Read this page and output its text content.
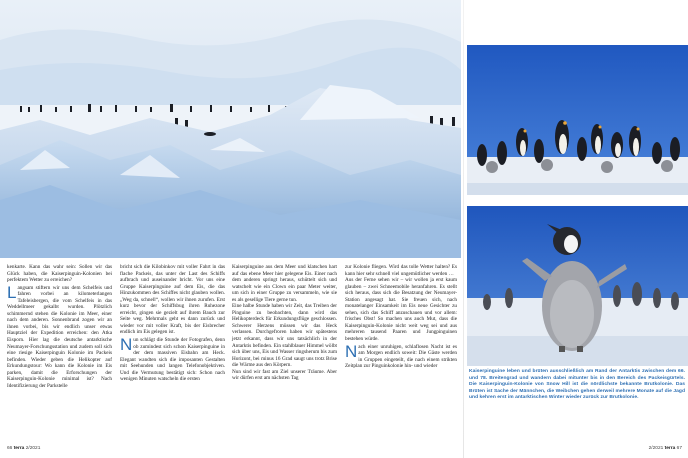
kenkarte. Kann das wahr sein: Sollen wir das Glück haben, die Kaiserpinguin-Kolonien bei perfektem Wetter zu erreichen?

Langsam stiftern wir uns dem Schelfeis und fahren vorbei an kilometerlangen Tafeleisbergen, die vom Schelfeis in das Weddellmeer gekalbt wurden. Plötzlich schimmernd stehen die Kolonie im Meer, einer nach dem anderen. Sonnenbrand zogen wir an ihnen vorbei, bis wir endlich unser etwas Hauptziel der Expedition erreichen: den Atka Eisporn. Hier lag die deutsche antarktische Neumayer-Forschungsstation und zudem soll sich eine riesige Kaiserpinguin Kolonie im Packeis befinden. Wieder geben die Helikopter auf Erkundungstour: Wo kann die Kolonie im Eis parken, damit die Erforschungen der Kaiserpinguin-Kolonie minimal ist? Nach Identifizierung der Parkstelle

bricht sich die Kilobinkov mit voller Fahrt in das flache Packeis, das unter der Last des Schiffs aufbrach und auseinander bricht. Vor uns eine Gruppe Kaiserpinguine auf dem Eis, die das Hinzukommen des Schiffes nicht glauben wollen. „Weg da, schnell“, wollen wir ihnen zurufen. Erst kurz bevor der Schiffsbug ihren Ruhezone erreicht, gingen sie gezielt auf ihrem Bauch zur Seite weg. Mehrmals geht es dann zurück und wieder vor mit voller Kraft, bis der Eisbrecher endlich im Eis gelegen ist.

Nun schlägt die Stunde der Fotografen, denn ob zumindest sich schon Kaiserpinguine in der dem massiven Eisbahn am Heck. Elegant wandten sich die imposanten Gestalten mit Seehunden und langen Telefonobjektiven. Und die Vermutung bestätigt sich: Schon nach wenigen Minuten watscheln die ersten

Kaiserpinguine aus dem Meer und klatschen hart auf das ebene Meer hier gelegene Eis. Einer nach dem anderen springt heraus, schüttelt sich und watschelt wie ein Clown ein paar Meter weiter, um sich in einer Gruppe zu versammeln, wie sie es als gesellige Tiere gerne tun.

Eine halbe Stunde haben wir Zeit, das Treiben der Pinguine zu beobachten, dann wird das Helikopterdeck für Erkundungsflüge geschlossen. Schwerer Herzens müssen wir das Heck verlassen. Durchgefroren haben wir spätestens jetzt erkannt, dass wir uns tatsächlich in der Antarktis befinden. Ein stahlblauer Himmel wölbt sich über uns, Eis und Wasser ringsherum bis zum Horizont, bei minus 16 Grad saugt uns trotz Brise die Wärme aus den Körpern.

Nun sind wir fast am Ziel unserer Träume. Aber wir dürfen erst am nächsten Tag

zur Kolonie fliegen. Wird das tolle Wetter halten? Es kann hier sehr schnell viel ungemütlicher werden …

Aus der Ferne sehen wir – wir wollen ja erst kaum glauben – zwei Schneemobile heranfahren. Es stellt sich heraus, dass sich die Besatzung der Neumayer-Station angesagt hat. Sie freuen sich, nach monatelanger Einsamkeit im Eis neue Gesichter zu sehen, sich das Schiff anzuschauen und vor allem: frisches Obst! So machen uns auch Mut, dass die Kaiserpinguin-Kolonie nicht weit weg sei und aus mehreren tausend Paaren und Jungpinguinen bestehen würde.

Nach einer unruhigen, schlaflosen Nacht ist es am Morgen endlich soweit: Die Gäste werden in Gruppen eingeteilt, die nach einem strikten Zeitplan zur Pinguinkolonie hin- und wieder

Kaiserpinguine leben und brüten ausschließlich am Rand der Antarktis zwischen dem 66. und 78. Breitengrad und wandern dabei mitunter bis in den Bereich des Packeisgürtels. Die Kaiserpinguin-Kolonie von Snow Hill ist die nördlichste bekannte Brutkolonie. Das Brüten ist Sache der Männchen, die Weibchen gehen derweil mehrere Monate auf die Jagd und kehren erst im antarktischen Winter wieder zurück zur Brutkolonie.
66 terra 2/2021	2/2021 terra 67
